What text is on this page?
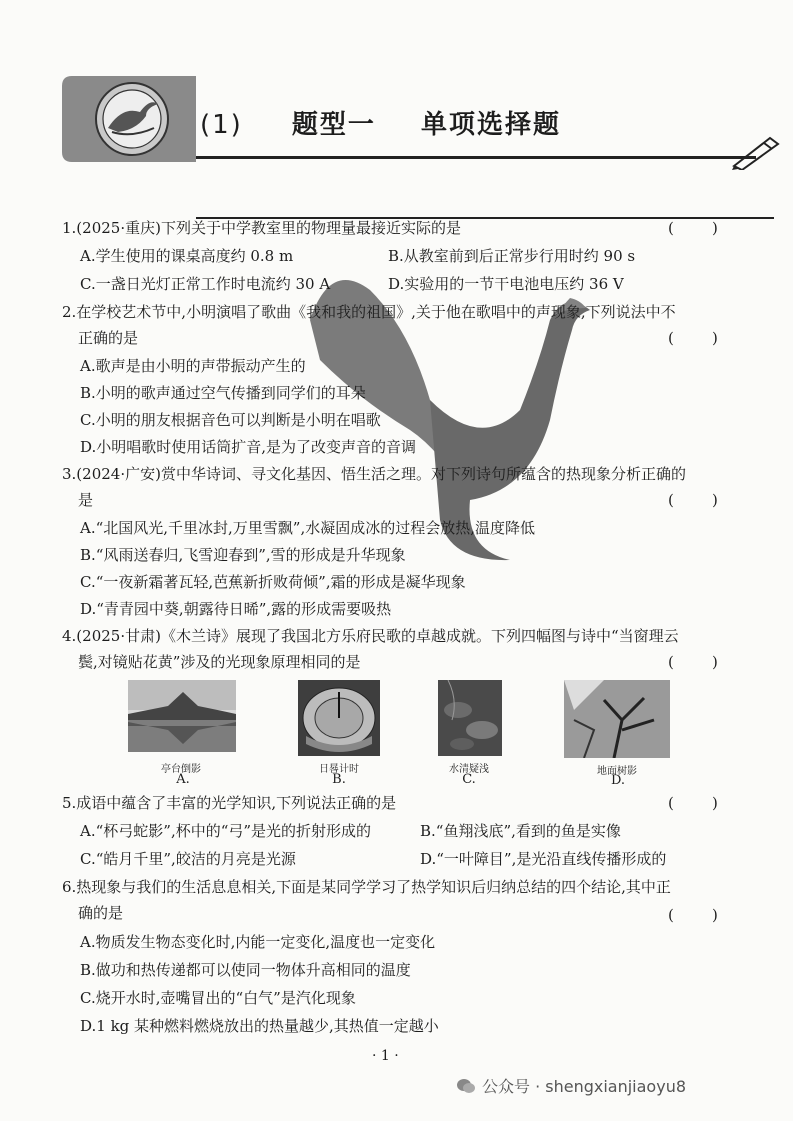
(1) 题型一 单项选择题
1.(2025·重庆)下列关于中学教室里的物理量最接近实际的是	(        )
A.学生使用的课桌高度约 0.8 m	B.从教室前到后正常步行用时约 90 s
C.一盏日光灯正常工作时电流约 30 A	D.实验用的一节干电池电压约 36 V
2.在学校艺术节中,小明演唱了歌曲《我和我的祖国》,关于他在歌唱中的声现象,下列说法中不
正确的是	(        )
A.歌声是由小明的声带振动产生的
B.小明的歌声通过空气传播到同学们的耳朵
C.小明的朋友根据音色可以判断是小明在唱歌
D.小明唱歌时使用话筒扩音,是为了改变声音的音调
3.(2024·广安)赏中华诗词、寻文化基因、悟生活之理。对下列诗句所蕴含的热现象分析正确的
是	(        )
A.“北国风光,千里冰封,万里雪飘”,水凝固成冰的过程会放热,温度降低
B.“风雨送春归,飞雪迎春到”,雪的形成是升华现象
C.“一夜新霜著瓦轻,芭蕉新折败荷倾”,霜的形成是凝华现象
D.“青青园中葵,朝露待日晞”,露的形成需要吸热
4.(2025·甘肃)《木兰诗》展现了我国北方乐府民歌的卓越成就。下列四幅图与诗中“当窗理云
鬓,对镜贴花黄”涉及的光现象原理相同的是	(        )
亭台倒影
A.
日晷计时
B.
水清疑浅
C.
地面树影
D.
5.成语中蕴含了丰富的光学知识,下列说法正确的是	(        )
A.“杯弓蛇影”,杯中的“弓”是光的折射形成的	B.“鱼翔浅底”,看到的鱼是实像
C.“皓月千里”,皎洁的月亮是光源	D.“一叶障目”,是光沿直线传播形成的
6.热现象与我们的生活息息相关,下面是某同学学习了热学知识后归纳总结的四个结论,其中正
确的是	(        )
A.物质发生物态变化时,内能一定变化,温度也一定变化
B.做功和热传递都可以使同一物体升高相同的温度
C.烧开水时,壶嘴冒出的“白气”是汽化现象
D.1 kg 某种燃料燃烧放出的热量越少,其热值一定越小
· 1 ·
公众号 · shengxianjiaoyu8
